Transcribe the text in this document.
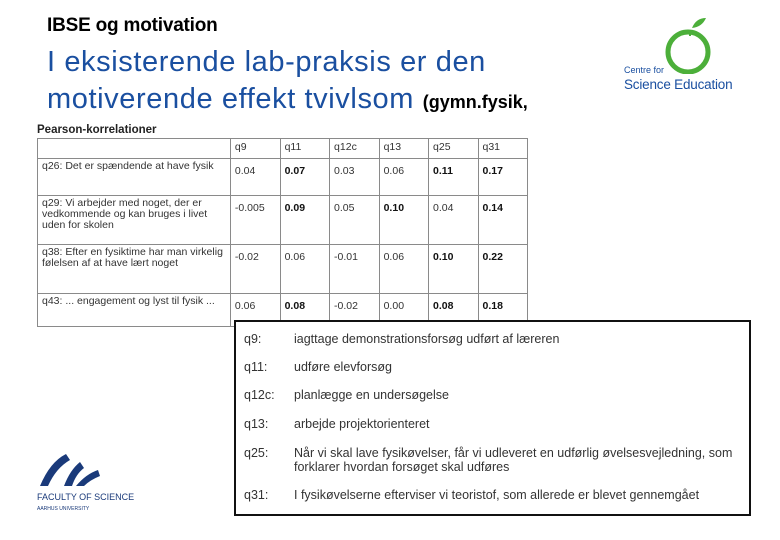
IBSE og motivation
I eksisterende lab-praksis er den
motiverende effekt tvivlsom (gymn.fysik,
Centre for
Science Education
Pearson-korrelationer
	q9	q11	q12c	q13	q25	q31
q26: Det er spændende at have fysik	0.04	0.07	0.03	0.06	0.11	0.17
q29: Vi arbejder med noget, der er vedkommende og kan bruges i livet uden for skolen	-0.005	0.09	0.05	0.10	0.04	0.14
q38: Efter en fysiktime har man virkelig følelsen af at have lært noget	-0.02	0.06	-0.01	0.06	0.10	0.22
q43: ... engagement og lyst til fysik ...	0.06	0.08	-0.02	0.00	0.08	0.18
q9:	iagttage demonstrationsforsøg udført af læreren
q11:	udføre elevforsøg
q12c:	planlægge en undersøgelse
q13:	arbejde projektorienteret
q25:	Når vi skal lave fysikøvelser, får vi udleveret en udførlig øvelsesvejledning, som forklarer hvordan forsøget skal udføres
q31:	I fysikøvelserne efterviser vi teoristof, som allerede er blevet gennemgået
FACULTY OF SCIENCE
AARHUS UNIVERSITY
